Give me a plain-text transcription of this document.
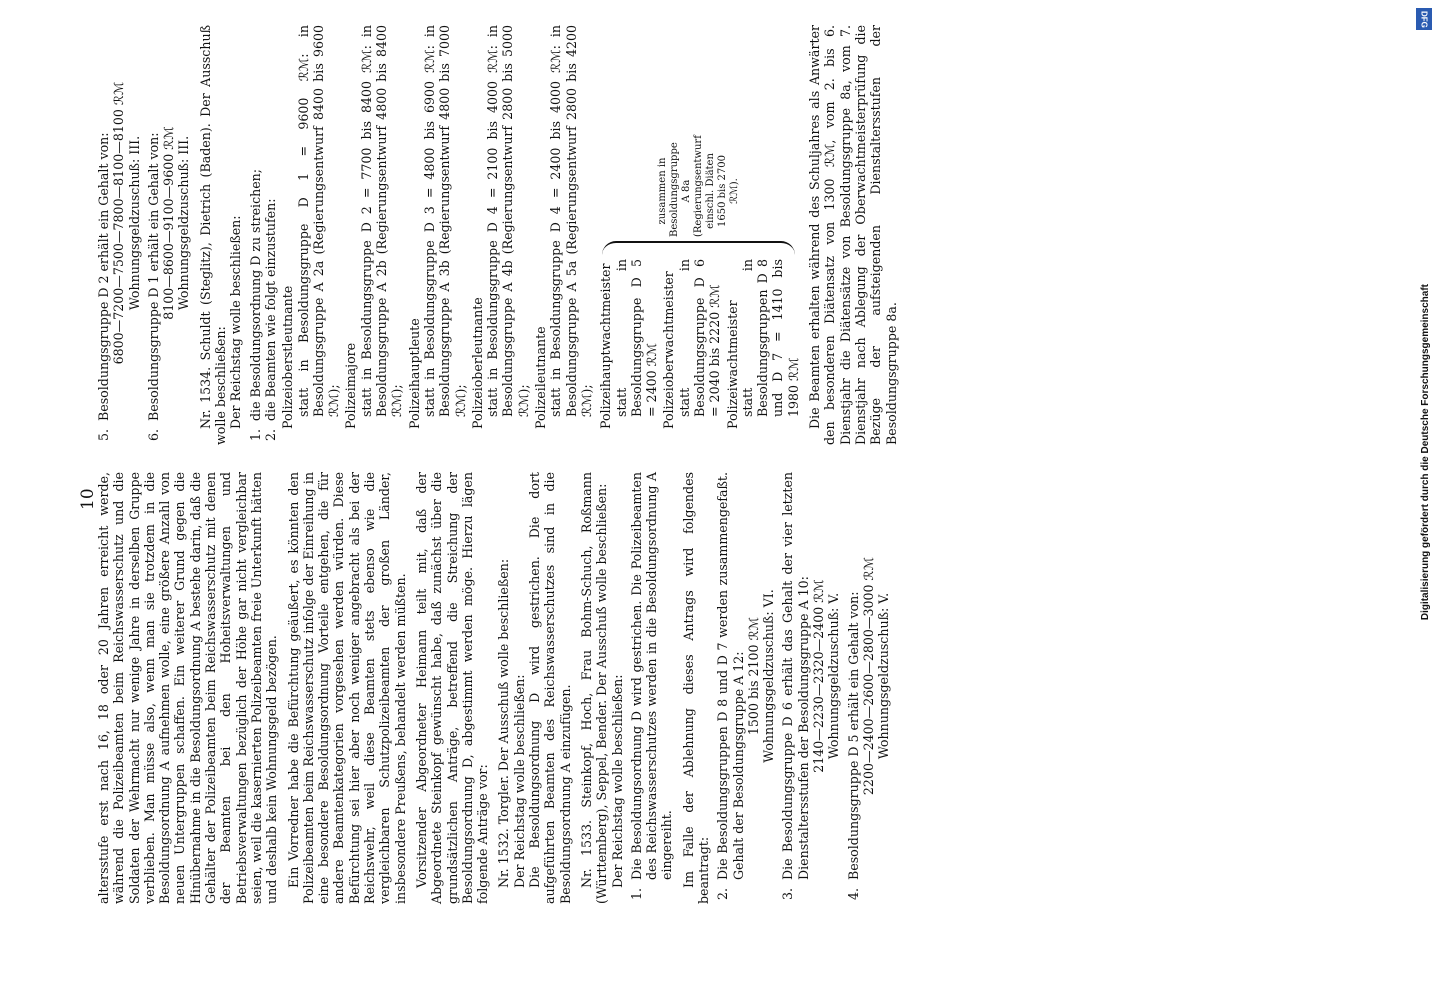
10

altersstufe erst nach 16, 18 oder 20 Jahren erreicht werde, während die Polizeibeamten beim Reichswasserschutz und die Soldaten der Wehrmacht nur wenige Jahre in derselben Gruppe verblieben. Man müsse also, wenn man sie trotzdem in die Besoldungsordnung A aufnehmen wolle, eine größere Anzahl von neuen Untergruppen schaffen. Ein weiterer Grund gegen die Hinübernahme in die Besoldungsordnung A bestehe darin, daß die Gehälter der Polizeibeamten beim Reichswasserschutz mit denen der Beamten bei den Hoheitsverwaltungen und Betriebsverwaltungen bezüglich der Höhe gar nicht vergleichbar seien, weil die kasernierten Polizeibeamten freie Unterkunft hätten und deshalb kein Wohnungsgeld bezögen. Ein Vorredner habe die Befürchtung geäußert, es könnten den Polizeibeamten beim Reichswasserschutz infolge der Einreihung in eine besondere Besoldungsordnung Vorteile entgehen, die für andere Beamtenkategorien vorgesehen werden würden. Diese Befürchtung sei hier aber noch weniger angebracht als bei der Reichswehr, weil diese Beamten stets ebenso wie die vergleichbaren Schutzpolizeibeamten der großen Länder, insbesondere Preußens, behandelt werden müßten. Vorsitzender Abgeordneter Heimann teilt mit, daß der Abgeordnete Steinkopf gewünscht habe, daß zunächst über die grundsätzlichen Anträge, betreffend die Streichung der Besoldungsordnung D, abgestimmt werden möge. Hierzu lägen folgende Anträge vor: Nr. 1532. Torgler. Der Ausschuß wolle beschließen: Der Reichstag wolle beschließen: Die Besoldungsordnung D wird gestrichen. Die dort aufgeführten Beamten des Reichswasserschutzes sind in die Besoldungsordnung A einzufügen. Nr. 1533. Steinkopf, Hoch, Frau Bohm-Schuch, Roßmann (Württemberg), Seppel, Bender. Der Ausschuß wolle beschließen: Der Reichstag wolle beschließen:

1.
Die Besoldungsordnung D wird gestrichen. Die Polizeibeamten des Reichswasserschutzes werden in die Besoldungsordnung A eingereiht. Im Falle der Ablehnung dieses Antrags wird folgendes beantragt: 2.
Die Besoldungsgruppen D 8 und D 7 werden zusammengefaßt. Gehalt der Besoldungsgruppe A 12: 1500 bis 2100 ℛℳ Wohnungsgeldzuschuß: VI.
3.
Die Besoldungsgruppe D 6 erhält das Gehalt der vier letzten Dienstaltersstufen der Besoldungsgruppe A 10: 2140—2230—2320—2400 ℛℳ Wohnungsgeldzuschuß: V.
4.
Besoldungsgruppe D 5 erhält ein Gehalt von: 2200—2400—2600—2800—3000 ℛℳ Wohnungsgeldzuschuß: V.
5.
Besoldungsgruppe D 2 erhält ein Gehalt von: 6800—7200—7500—7800—8100—8100 ℛℳ Wohnungsgeldzuschuß: III.
6.
Besoldungsgruppe D 1 erhält ein Gehalt von: 8100—8600—9100—9600 ℛℳ Wohnungsgeldzuschuß: III. Nr. 1534. Schuldt (Steglitz), Dietrich (Baden). Der Ausschuß wolle beschließen: Der Reichstag wolle beschließen:

1.
die Besoldungsordnung D zu streichen;
2.
die Beamten wie folgt einzustufen: Polizeioberstleutnante statt in Besoldungsgruppe D 1 = 9600 ℛℳ: in Besoldungsgruppe A 2a (Regierungsentwurf 8400 bis 9600 ℛℳ); Polizeimajore statt in Besoldungsgruppe D 2 = 7700 bis 8400 ℛℳ: in Besoldungsgruppe A 2b (Regierungsentwurf 4800 bis 8400 ℛℳ); Polizeihauptleute statt in Besoldungsgruppe D 3 = 4800 bis 6900 ℛℳ: in Besoldungsgruppe A 3b (Regierungsentwurf 4800 bis 7000 ℛℳ); Polizeioberleutnante statt in Besoldungsgruppe D 4 = 2100 bis 4000 ℛℳ: in Besoldungsgruppe A 4b (Regierungsentwurf 2800 bis 5000 ℛℳ); Polizeileutnante statt in Besoldungsgruppe D 4 = 2400 bis 4000 ℛℳ: in Besoldungsgruppe A 5a (Regierungsentwurf 2800 bis 4200 ℛℳ); Polizeihauptwachtmeister statt in Besoldungsgruppe D 5 = 2400 ℛℳ Polizeioberwachtmeister statt in Besoldungsgruppe D 6 = 2040 bis 2220 ℛℳ Polizeiwachtmeister statt in Besoldungsgruppen D 8 und D 7 = 1410 bis 1980 ℛℳ
zusammen in Besoldungsgruppe A 8a (Regierungsentwurf einschl. Diäten 1650 bis 2700 ℛℳ).	Die Beamten erhalten während des Schuljahres als Anwärter den besonderen Diätensatz von 1300 ℛℳ, vom 2. bis 6. Dienstjahr die Diätensätze von Besoldungsgruppe 8a, vom 7. Dienstjahr nach Ablegung der Oberwachtmeisterprüfung die Bezüge der aufsteigenden Dienstaltersstufen der Besoldungsgruppe 8a.

DFG
Digitalisierung gefördert durch die Deutsche Forschungsgemeinschaft
